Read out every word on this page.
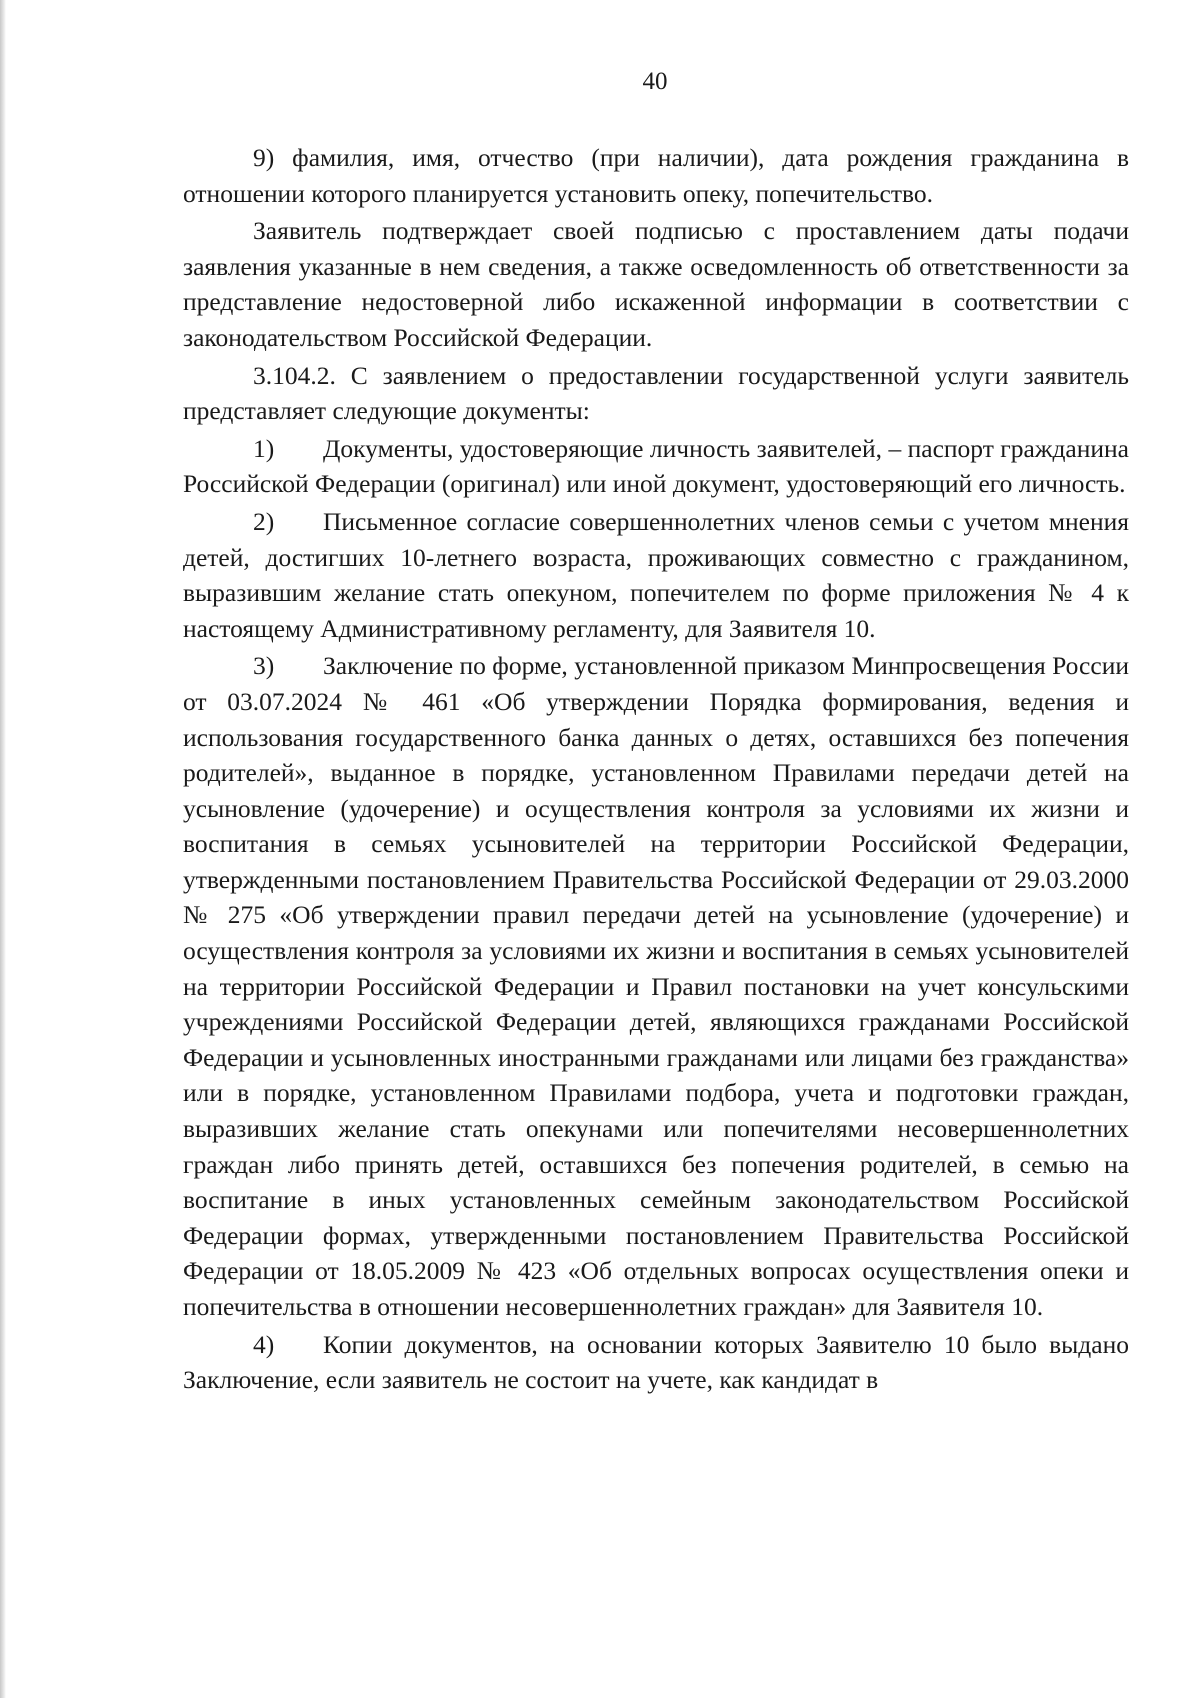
40

9) фамилия, имя, отчество (при наличии), дата рождения гражданина в отношении которого планируется установить опеку, попечительство.

Заявитель подтверждает своей подписью с проставлением даты подачи заявления указанные в нем сведения, а также осведомленность об ответственности за представление недостоверной либо искаженной информации в соответствии с законодательством Российской Федерации.

3.104.2. С заявлением о предоставлении государственной услуги заявитель представляет следующие документы:

1) Документы, удостоверяющие личность заявителей, – паспорт гражданина Российской Федерации (оригинал) или иной документ, удостоверяющий его личность.

2) Письменное согласие совершеннолетних членов семьи с учетом мнения детей, достигших 10-летнего возраста, проживающих совместно с гражданином, выразившим желание стать опекуном, попечителем по форме приложения № 4 к настоящему Административному регламенту, для Заявителя 10.

3) Заключение по форме, установленной приказом Минпросвещения России от 03.07.2024 № 461 «Об утверждении Порядка формирования, ведения и использования государственного банка данных о детях, оставшихся без попечения родителей», выданное в порядке, установленном Правилами передачи детей на усыновление (удочерение) и осуществления контроля за условиями их жизни и воспитания в семьях усыновителей на территории Российской Федерации, утвержденными постановлением Правительства Российской Федерации от 29.03.2000 № 275 «Об утверждении правил передачи детей на усыновление (удочерение) и осуществления контроля за условиями их жизни и воспитания в семьях усыновителей на территории Российской Федерации и Правил постановки на учет консульскими учреждениями Российской Федерации детей, являющихся гражданами Российской Федерации и усыновленных иностранными гражданами или лицами без гражданства» или в порядке, установленном Правилами подбора, учета и подготовки граждан, выразивших желание стать опекунами или попечителями несовершеннолетних граждан либо принять детей, оставшихся без попечения родителей, в семью на воспитание в иных установленных семейным законодательством Российской Федерации формах, утвержденными постановлением Правительства Российской Федерации от 18.05.2009 № 423 «Об отдельных вопросах осуществления опеки и попечительства в отношении несовершеннолетних граждан» для Заявителя 10.

4) Копии документов, на основании которых Заявителю 10 было выдано Заключение, если заявитель не состоит на учете, как кандидат в
